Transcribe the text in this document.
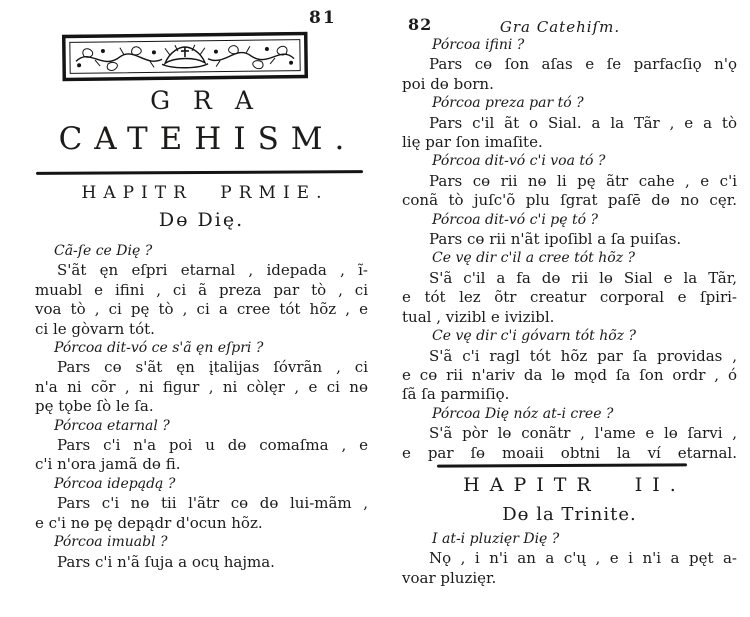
81
GRA
CATEHISM.
HAPITR PRMIE.
Dɵ Dię.
Cã-ſe ce Dię ?
S'ãt ęn eſpri etarnal , idepada , ĩ-
muabl e ifini , ci ã preza par tò , ci
voa tò , ci pę tò , ci a cree tót hõz , e
ci le gòvarn tót.
Pórcoa dit-vó ce s'ã ęn eſpri ?
Pars cɵ s'ãt ęn įtalijas ſóvrãn , ci
n'a ni cõr , ni figur , ni còlęr , e ci nɵ
pę tǫbe ſò le ſa.
Pórcoa etarnal ?
Pars c'i n'a poi u dɵ comaſma , e
c'i n'ora jamã dɵ fi.
Pórcoa idepądą ?
Pars c'i nɵ tii l'ãtr cɵ dɵ lui-mãm ,
e c'i nɵ pę depądr d'ocun hõz.
Pórcoa imuabl ?
Pars c'i n'ã ſuja a ocų hajma.
82	Gra Catehiſm.
Pórcoa ifini ?
Pars cɵ ſon aſas e ſe parfacſiǫ n'ǫ
poi dɵ born.
Pórcoa preza par tó ?
Pars c'il ãt o Sial. a la Tãr , e a tò
lię par ſon imaſite.
Pórcoa dit-vó c'i voa tó ?
Pars cɵ rii nɵ li pę ãtr cahe , e c'i
conã tò juſc'õ plu ſgrat paſē dɵ no cęr.
Pórcoa dit-vó c'i pę tó ?
Pars cɵ rii n'ãt ipoſibl a ſa puiſas.
Ce vę dir c'il a cree tót hõz ?
S'ã c'il a fa dɵ rii lɵ Sial e la Tãr,
e tót lez õtr creatur corporal e ſpiri-
tual , vizibl e ivizibl.
Ce vę dir c'i góvarn tót hõz ?
S'ã c'i ragl tót hõz par ſa providas ,
e cɵ rii n'ariv da lɵ mǫd ſa ſon ordr , ó
ſã ſa parmiſiǫ.
Pórcoa Dię nóz at-i cree ?
S'ã pòr lɵ conãtr , l'ame e lɵ ſarvi ,
e par ſɵ moaii obtni la ví etarnal.
HAPITR II.
Dɵ la Trinite.
I at-i pluzięr Dię ?
Nǫ , i n'i an a c'ų , e i n'i a pęt a-
voar pluzięr.
